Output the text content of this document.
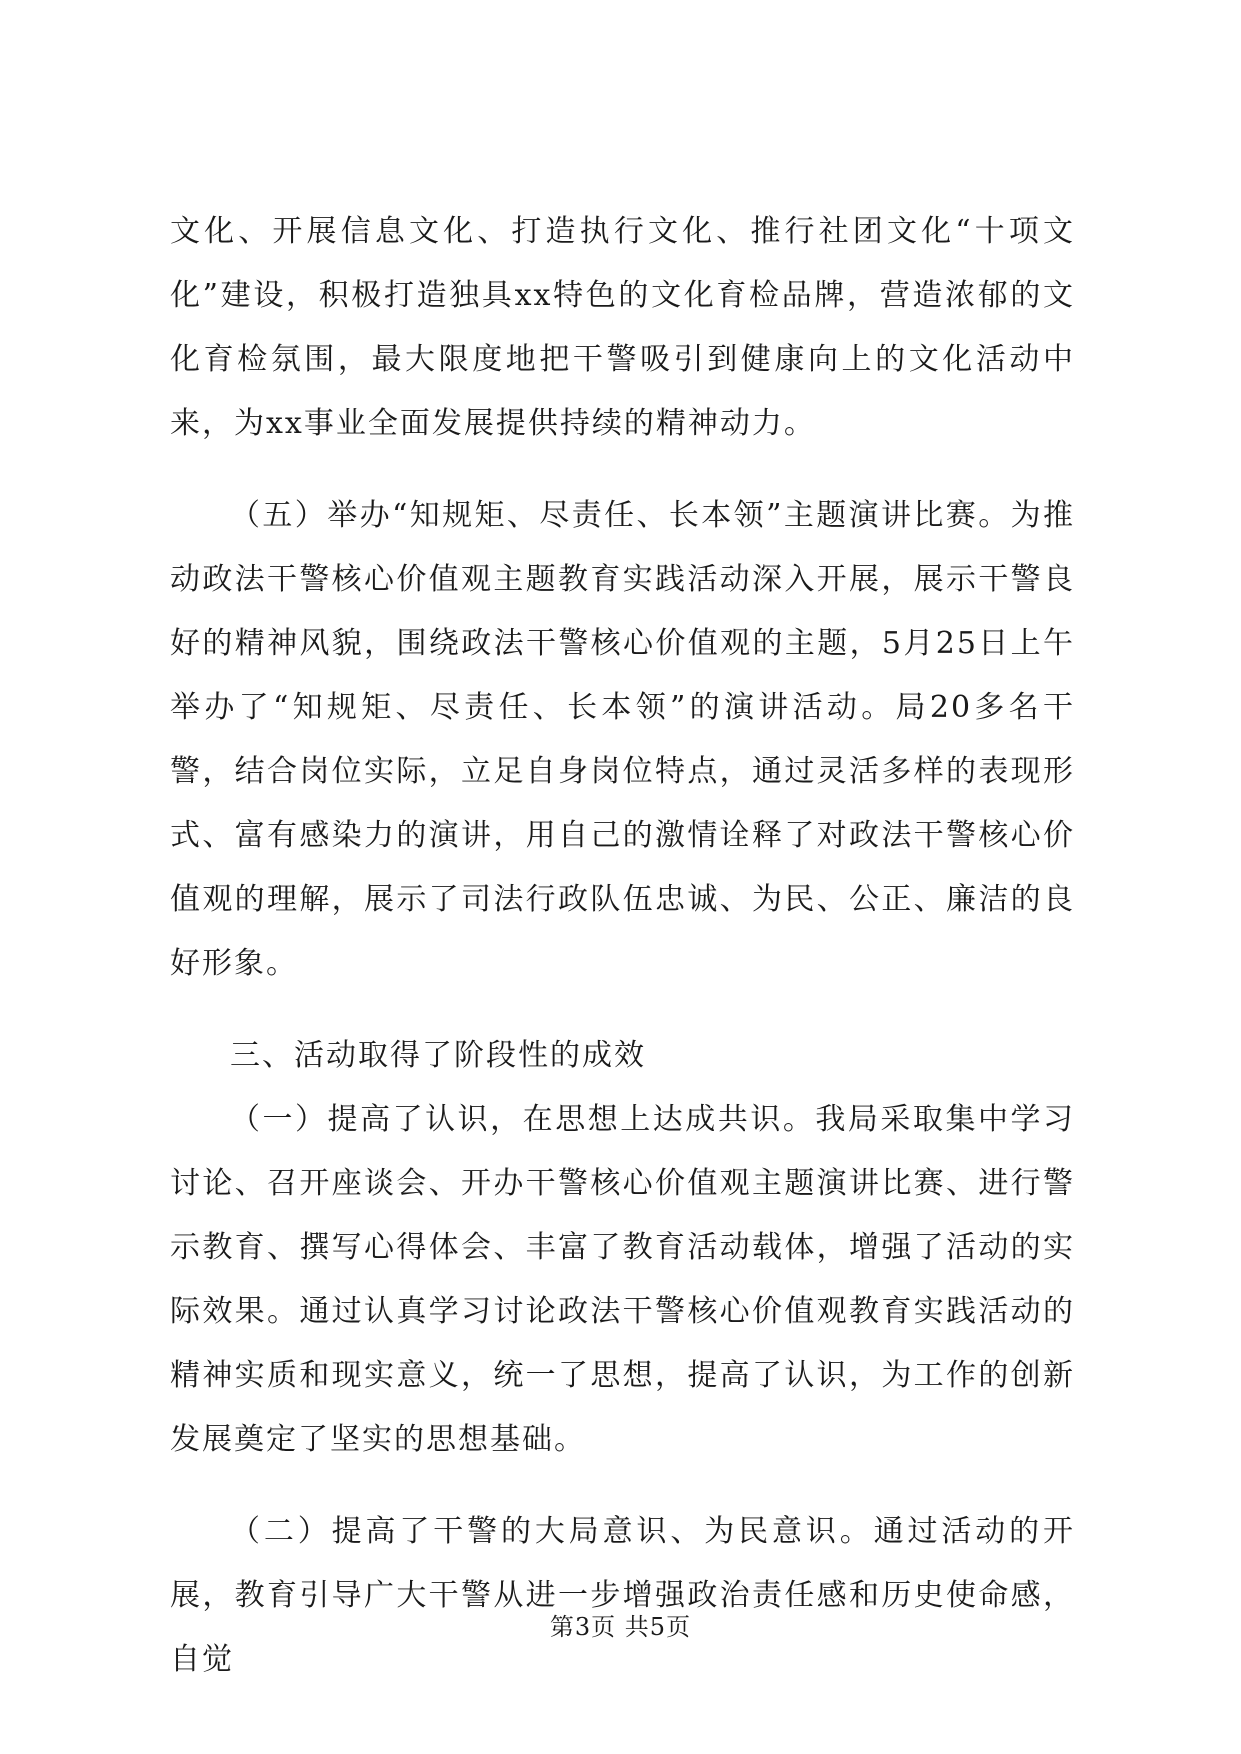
文化、开展信息文化、打造执行文化、推行社团文化“十项文化”建设，积极打造独具xx特色的文化育检品牌，营造浓郁的文化育检氛围，最大限度地把干警吸引到健康向上的文化活动中来，为xx事业全面发展提供持续的精神动力。

（五）举办“知规矩、尽责任、长本领”主题演讲比赛。为推动政法干警核心价值观主题教育实践活动深入开展，展示干警良好的精神风貌，围绕政法干警核心价值观的主题，5月25日上午举办了“知规矩、尽责任、长本领”的演讲活动。局20多名干警，结合岗位实际，立足自身岗位特点，通过灵活多样的表现形式、富有感染力的演讲，用自己的激情诠释了对政法干警核心价值观的理解，展示了司法行政队伍忠诚、为民、公正、廉洁的良好形象。

三、活动取得了阶段性的成效

（一）提高了认识，在思想上达成共识。我局采取集中学习讨论、召开座谈会、开办干警核心价值观主题演讲比赛、进行警示教育、撰写心得体会、丰富了教育活动载体，增强了活动的实际效果。通过认真学习讨论政法干警核心价值观教育实践活动的精神实质和现实意义，统一了思想，提高了认识，为工作的创新发展奠定了坚实的思想基础。

（二）提高了干警的大局意识、为民意识。通过活动的开展，教育引导广大干警从进一步增强政治责任感和历史使命感，自觉

第3页 共5页
